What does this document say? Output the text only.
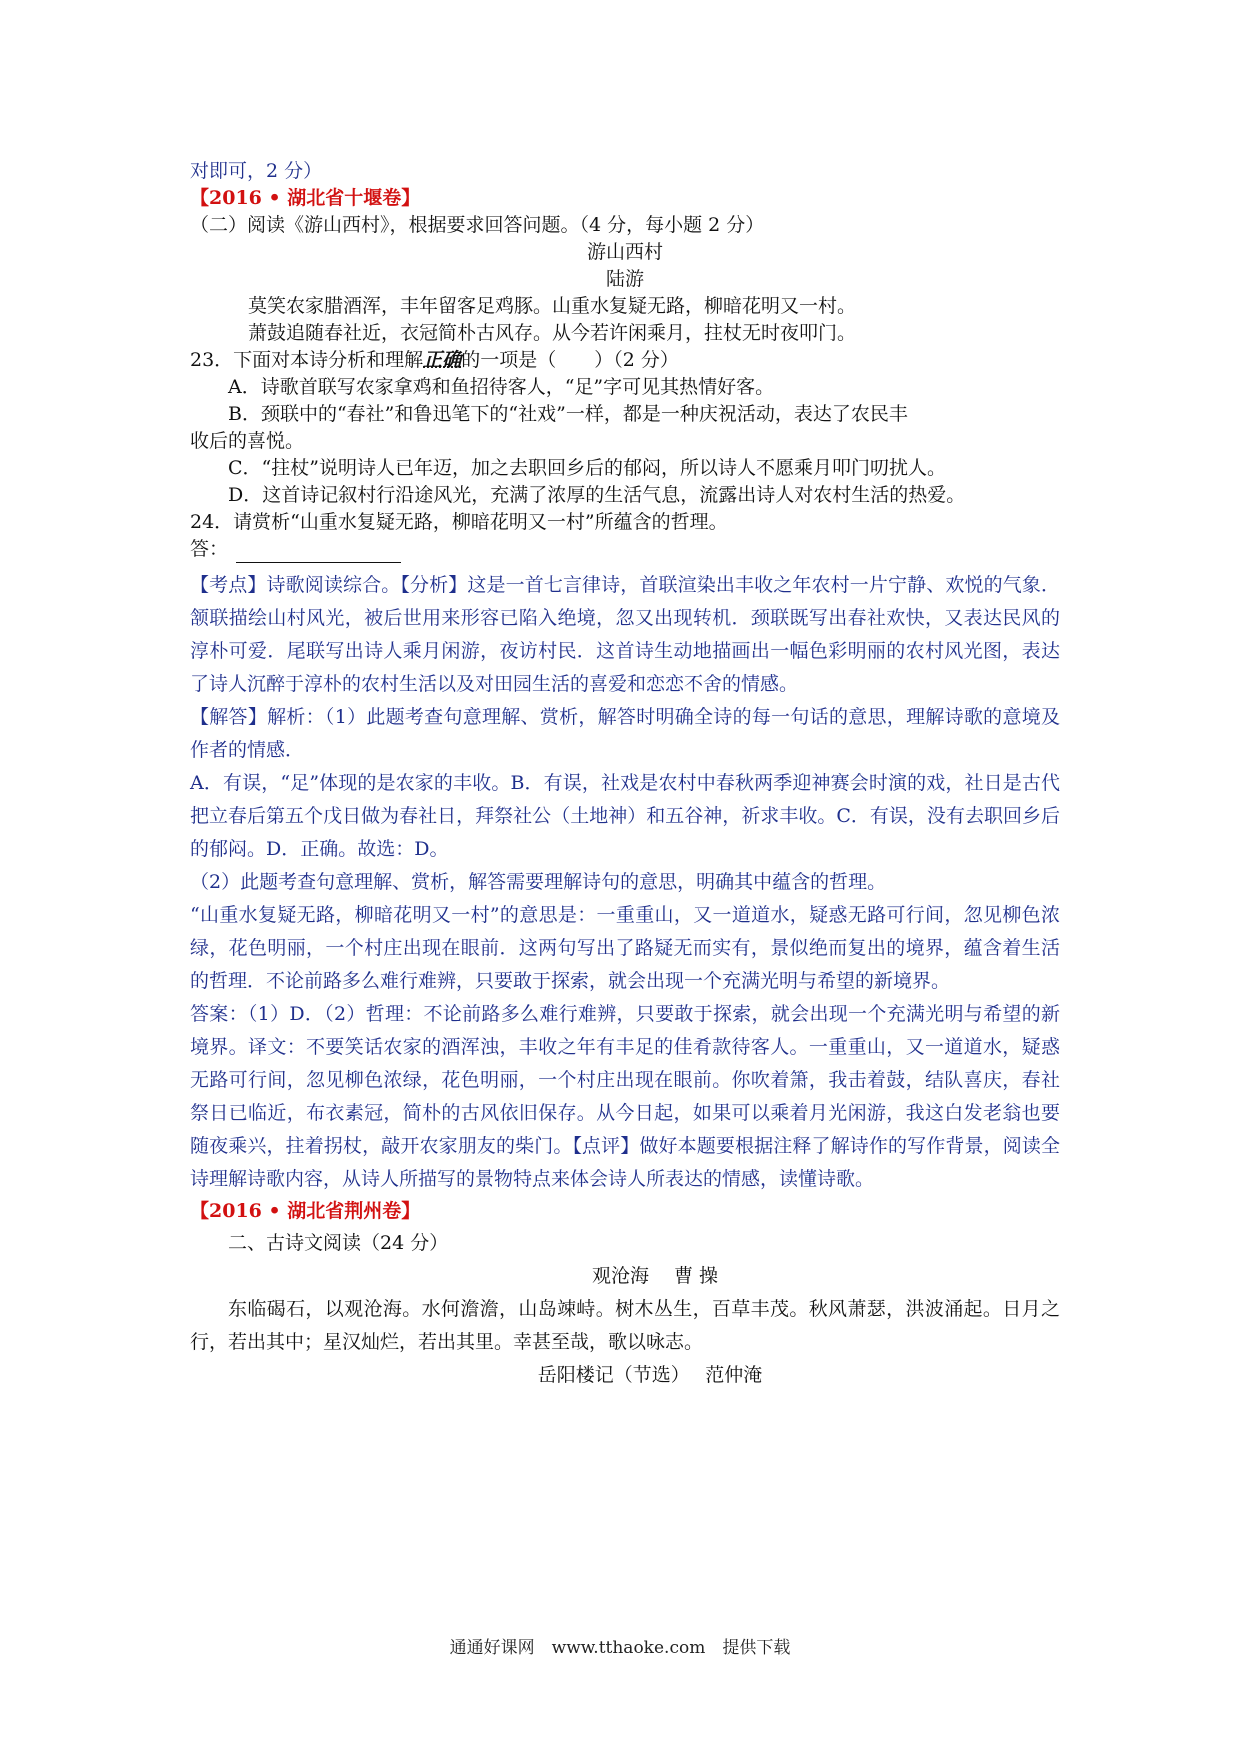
对即可，2 分）
【2016 • 湖北省十堰卷】
（二）阅读《游山西村》，根据要求回答问题。（4 分，每小题 2 分）
游山西村
陆游
莫笑农家腊酒浑，丰年留客足鸡豚。山重水复疑无路，柳暗花明又一村。
萧鼓追随春社近，衣冠简朴古风存。从今若许闲乘月，拄杖无时夜叩门。
23．下面对本诗分析和理解正确的一项是（　　）（2 分）
A．诗歌首联写农家拿鸡和鱼招待客人，“足”字可见其热情好客。
B．颈联中的“春社”和鲁迅笔下的“社戏”一样，都是一种庆祝活动，表达了农民丰
收后的喜悦。
C．“拄杖”说明诗人已年迈，加之去职回乡后的郁闷，所以诗人不愿乘月叩门叨扰人。
D．这首诗记叙村行沿途风光，充满了浓厚的生活气息，流露出诗人对农村生活的热爱。
24．请赏析“山重水复疑无路，柳暗花明又一村”所蕴含的哲理。
答：
【考点】诗歌阅读综合。【分析】这是一首七言律诗，首联渲染出丰收之年农村一片宁静、欢悦的气象．颔联描绘山村风光，被后世用来形容已陷入绝境，忽又出现转机．颈联既写出春社欢快，又表达民风的淳朴可爱．尾联写出诗人乘月闲游，夜访村民．这首诗生动地描画出一幅色彩明丽的农村风光图，表达了诗人沉醉于淳朴的农村生活以及对田园生活的喜爱和恋恋不舍的情感。
【解答】解析：（1）此题考查句意理解、赏析，解答时明确全诗的每一句话的意思，理解诗歌的意境及作者的情感．
A．有误，“足”体现的是农家的丰收。B．有误，社戏是农村中春秋两季迎神赛会时演的戏，社日是古代把立春后第五个戊日做为春社日，拜祭社公（土地神）和五谷神，祈求丰收。C．有误，没有去职回乡后的郁闷。D．正确。故选：D。
（2）此题考查句意理解、赏析，解答需要理解诗句的意思，明确其中蕴含的哲理。
“山重水复疑无路，柳暗花明又一村”的意思是：一重重山，又一道道水，疑惑无路可行间，忽见柳色浓绿，花色明丽，一个村庄出现在眼前．这两句写出了路疑无而实有，景似绝而复出的境界，蕴含着生活的哲理．不论前路多么难行难辨，只要敢于探索，就会出现一个充满光明与希望的新境界。
答案：（1）D．（2）哲理：不论前路多么难行难辨，只要敢于探索，就会出现一个充满光明与希望的新境界。译文：不要笑话农家的酒浑浊，丰收之年有丰足的佳肴款待客人。一重重山，又一道道水，疑惑无路可行间，忽见柳色浓绿，花色明丽，一个村庄出现在眼前。你吹着箫，我击着鼓，结队喜庆，春社祭日已临近，布衣素冠，简朴的古风依旧保存。从今日起，如果可以乘着月光闲游，我这白发老翁也要随夜乘兴，拄着拐杖，敲开农家朋友的柴门。【点评】做好本题要根据注释了解诗作的写作背景，阅读全诗理解诗歌内容，从诗人所描写的景物特点来体会诗人所表达的情感，读懂诗歌。
【2016 • 湖北省荆州卷】
二、古诗文阅读（24 分）
观沧海　 曹 操
东临碣石，以观沧海。水何澹澹，山岛竦峙。树木丛生，百草丰茂。秋风萧瑟，洪波涌起。日月之行，若出其中；星汉灿烂，若出其里。幸甚至哉，歌以咏志。
岳阳楼记（节选）　 范仲淹
通通好课网　www.tthaoke.com　提供下载
